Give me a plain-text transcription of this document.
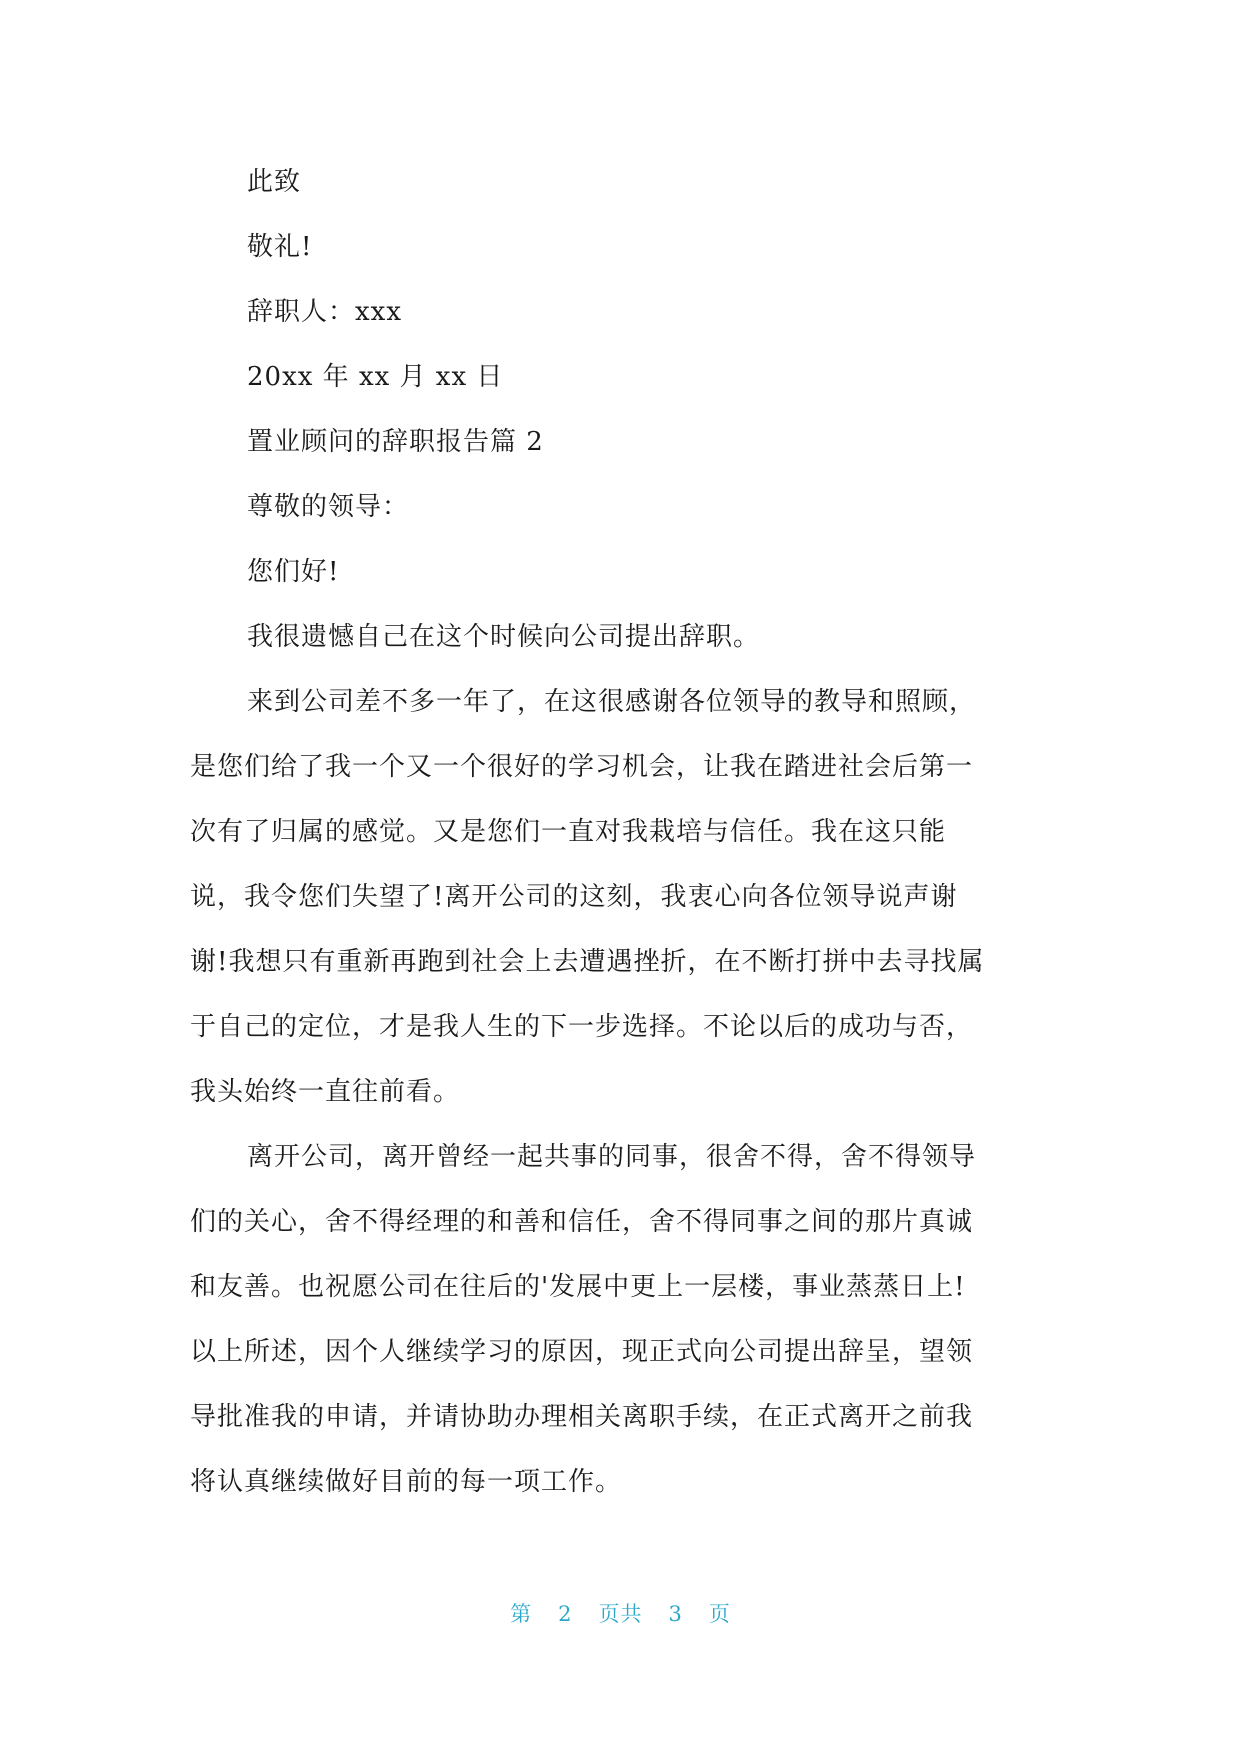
此致
敬礼!
辞职人：xxx
20xx 年 xx 月 xx 日
置业顾问的辞职报告篇 2
尊敬的领导：
您们好!
我很遗憾自己在这个时候向公司提出辞职。
来到公司差不多一年了，在这很感谢各位领导的教导和照顾，
是您们给了我一个又一个很好的学习机会，让我在踏进社会后第一
次有了归属的感觉。又是您们一直对我栽培与信任。我在这只能
说，我令您们失望了!离开公司的这刻，我衷心向各位领导说声谢
谢!我想只有重新再跑到社会上去遭遇挫折，在不断打拼中去寻找属
于自己的定位，才是我人生的下一步选择。不论以后的成功与否，
我头始终一直往前看。
离开公司，离开曾经一起共事的同事，很舍不得，舍不得领导
们的关心，舍不得经理的和善和信任，舍不得同事之间的那片真诚
和友善。也祝愿公司在往后的'发展中更上一层楼，事业蒸蒸日上!
以上所述，因个人继续学习的原因，现正式向公司提出辞呈，望领
导批准我的申请，并请协助办理相关离职手续，在正式离开之前我
将认真继续做好目前的每一项工作。
第 2 页共 3 页
